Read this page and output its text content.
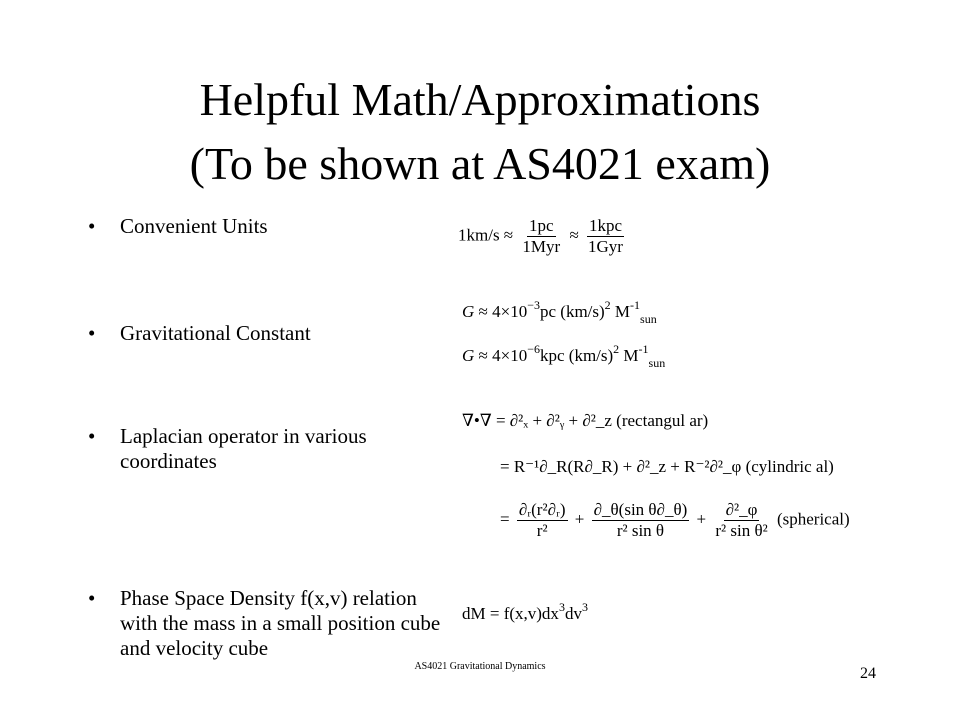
Helpful Math/Approximations
(To be shown at AS4021 exam)
• Convenient Units
• Gravitational Constant
• Laplacian operator in various coordinates
• Phase Space Density f(x,v) relation with the mass in a small position cube and velocity cube
$1km/s \approx \frac{1pc}{\text{1Myr}} \approx \frac{\text{1kpc}}{\text{1Gyr}}$
$G \approx 4\times 10^{-3}pc$ $(km/s)^2$ $M^{-1}_{sun}$
$G \approx 4\times 10^{-6}kpc$ $(km/s)^2$ $M^{-1}_{sun}$
∇•∇ = ∂²ₓ + ∂²ᵧ + ∂²_z (rectangul ar)
= R⁻¹∂_R(R∂_R) + ∂²_z + R⁻²∂²_φ (cylindric al)
= $\frac{\text{∂ᵣ(r²∂ᵣ)}}{\text{r²}} + \frac{\text{∂\_θ(sin θ∂\_θ)}}{\text{r² sin θ}} + \frac{\text{∂²\_φ}}{\text{r² sin θ²}}$ (spherical)
dM = $f(x,v)dx^3dv^3$
AS4021 Gravitational Dynamics	24
